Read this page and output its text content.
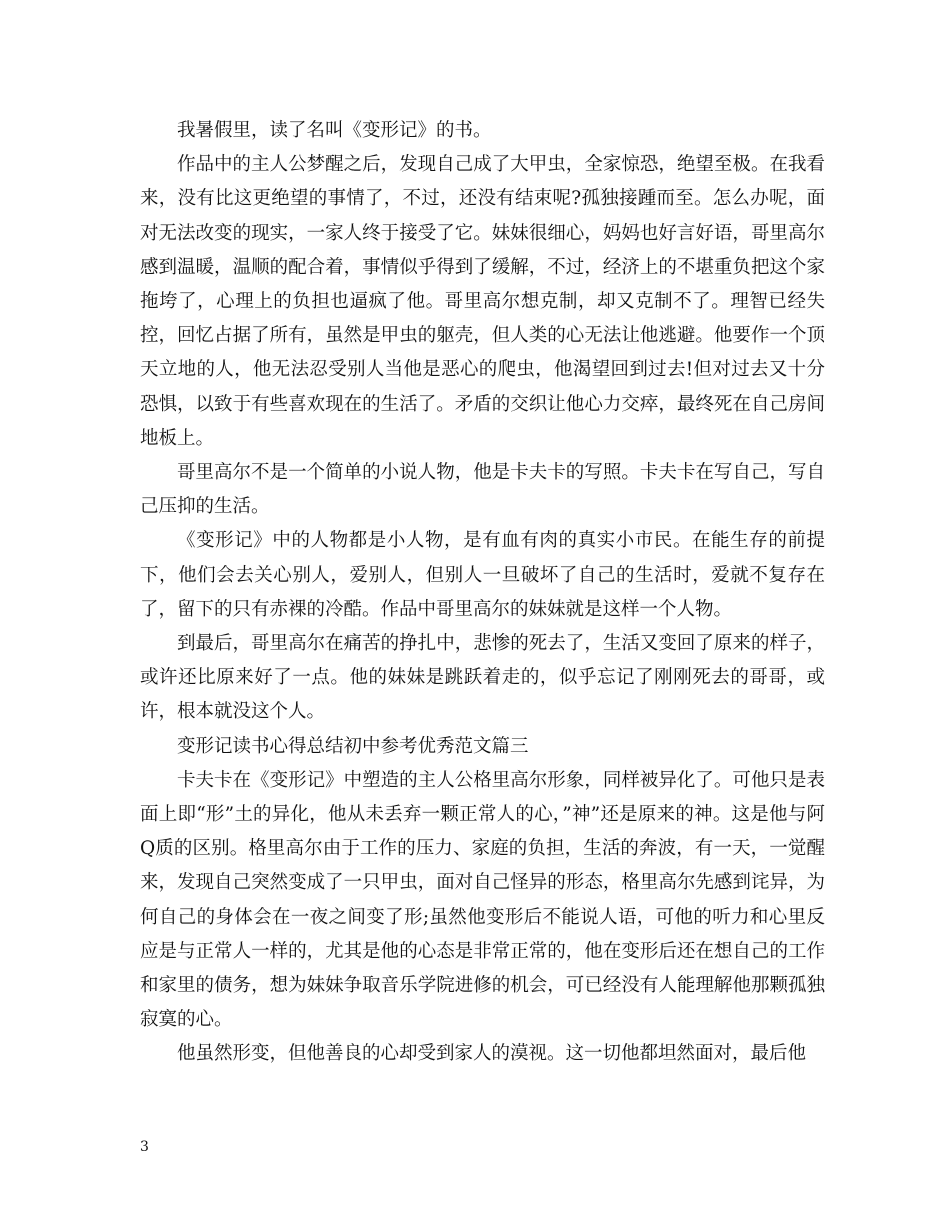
我暑假里，读了名叫《变形记》的书。

作品中的主人公梦醒之后，发现自己成了大甲虫，全家惊恐，绝望至极。在我看来，没有比这更绝望的事情了，不过，还没有结束呢?孤独接踵而至。怎么办呢，面对无法改变的现实，一家人终于接受了它。妹妹很细心，妈妈也好言好语，哥里高尔感到温暖，温顺的配合着，事情似乎得到了缓解，不过，经济上的不堪重负把这个家拖垮了，心理上的负担也逼疯了他。哥里高尔想克制，却又克制不了。理智已经失控，回忆占据了所有，虽然是甲虫的躯壳，但人类的心无法让他逃避。他要作一个顶天立地的人，他无法忍受别人当他是恶心的爬虫，他渴望回到过去!但对过去又十分恐惧，以致于有些喜欢现在的生活了。矛盾的交织让他心力交瘁，最终死在自己房间地板上。

哥里高尔不是一个简单的小说人物，他是卡夫卡的写照。卡夫卡在写自己，写自己压抑的生活。

《变形记》中的人物都是小人物，是有血有肉的真实小市民。在能生存的前提下，他们会去关心别人，爱别人，但别人一旦破坏了自己的生活时，爱就不复存在了，留下的只有赤裸的冷酷。作品中哥里高尔的妹妹就是这样一个人物。

到最后，哥里高尔在痛苦的挣扎中，悲惨的死去了，生活又变回了原来的样子，或许还比原来好了一点。他的妹妹是跳跃着走的，似乎忘记了刚刚死去的哥哥，或许，根本就没这个人。

变形记读书心得总结初中参考优秀范文篇三

卡夫卡在《变形记》中塑造的主人公格里高尔形象，同样被异化了。可他只是表面上即“形”土的异化，他从未丢弃一颗正常人的心，”神”还是原来的神。这是他与阿Q质的区别。格里高尔由于工作的压力、家庭的负担，生活的奔波，有一天，一觉醒来，发现自己突然变成了一只甲虫，面对自己怪异的形态，格里高尔先感到诧异，为何自己的身体会在一夜之间变了形;虽然他变形后不能说人语，可他的听力和心里反应是与正常人一样的，尤其是他的心态是非常正常的，他在变形后还在想自己的工作和家里的债务，想为妹妹争取音乐学院进修的机会，可已经没有人能理解他那颗孤独寂寞的心。

他虽然形变，但他善良的心却受到家人的漠视。这一切他都坦然面对，最后他

3
